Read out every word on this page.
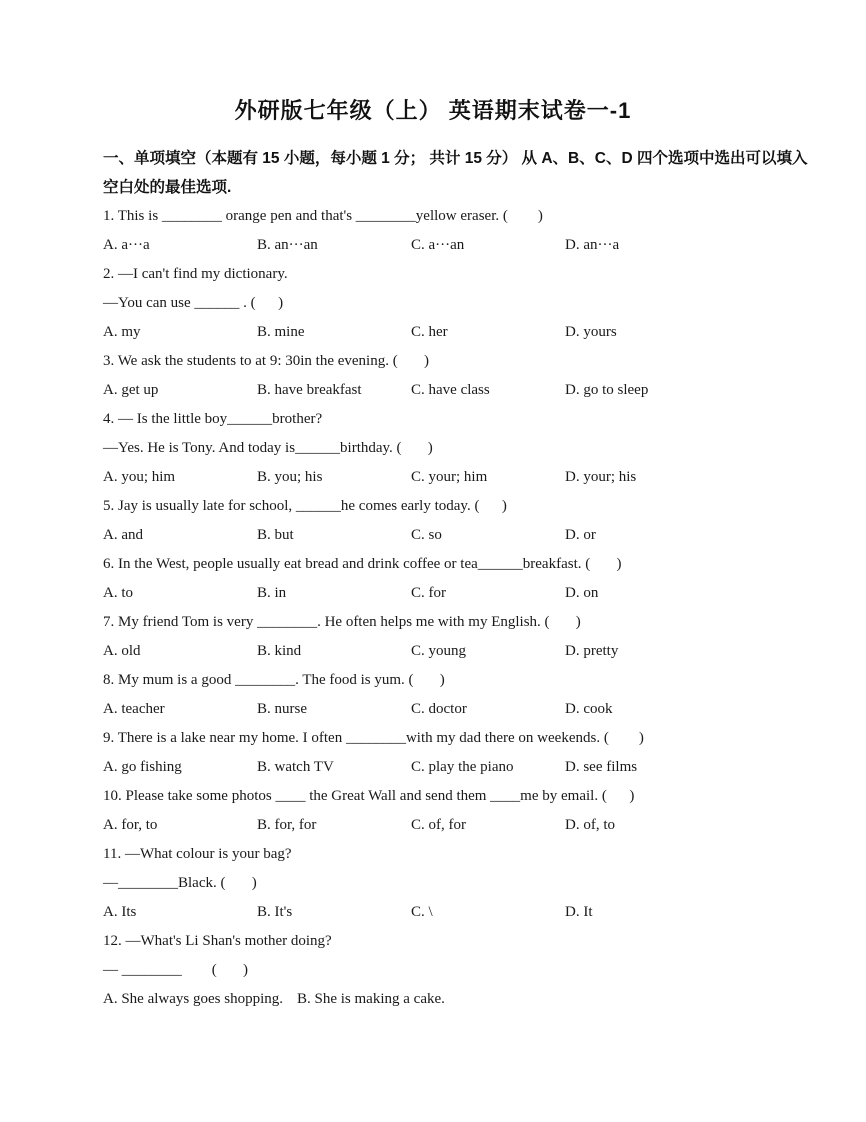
外研版七年级（上） 英语期末试卷一-1
一、单项填空（本题有 15 小题，每小题 1 分； 共计 15 分） 从 A、B、C、D 四个选项中选出可以填入
空白处的最佳选项.
1. This is ________ orange pen and that's ________yellow eraser. (        )
A. a···a	B. an···an	C. a···an	D. an···a
2. —I can't find my dictionary.
—You can use ______ . (      )
A. my	B. mine	C. her	D. yours
3. We ask the students to at 9: 30in the evening. (       )
A. get up	B. have breakfast	C. have class	D. go to sleep
4. — Is the little boy______brother?
—Yes. He is Tony. And today is______birthday. (       )
A. you; him	B. you; his	C. your; him	D. your; his
5. Jay is usually late for school, ______he comes early today. (      )
A. and	B. but	C. so	D. or
6. In the West, people usually eat bread and drink coffee or tea______breakfast. (       )
A. to	B. in	C. for	D. on
7. My friend Tom is very ________. He often helps me with my English. (       )
A. old	B. kind	C. young	D. pretty
8. My mum is a good ________. The food is yum. (       )
A. teacher	B. nurse	C. doctor	D. cook
9. There is a lake near my home. I often ________with my dad there on weekends. (        )
A. go fishing	B. watch TV	C. play the piano	D. see films
10. Please take some photos ____ the Great Wall and send them ____me by email. (      )
A. for, to	B. for, for	C. of, for	D. of, to
11. —What colour is your bag?
—________Black. (       )
A. Its	B. It's	C. \	D. It
12. —What's Li Shan's mother doing?
— ________        (       )
A. She always goes shopping. B. She is making a cake.
